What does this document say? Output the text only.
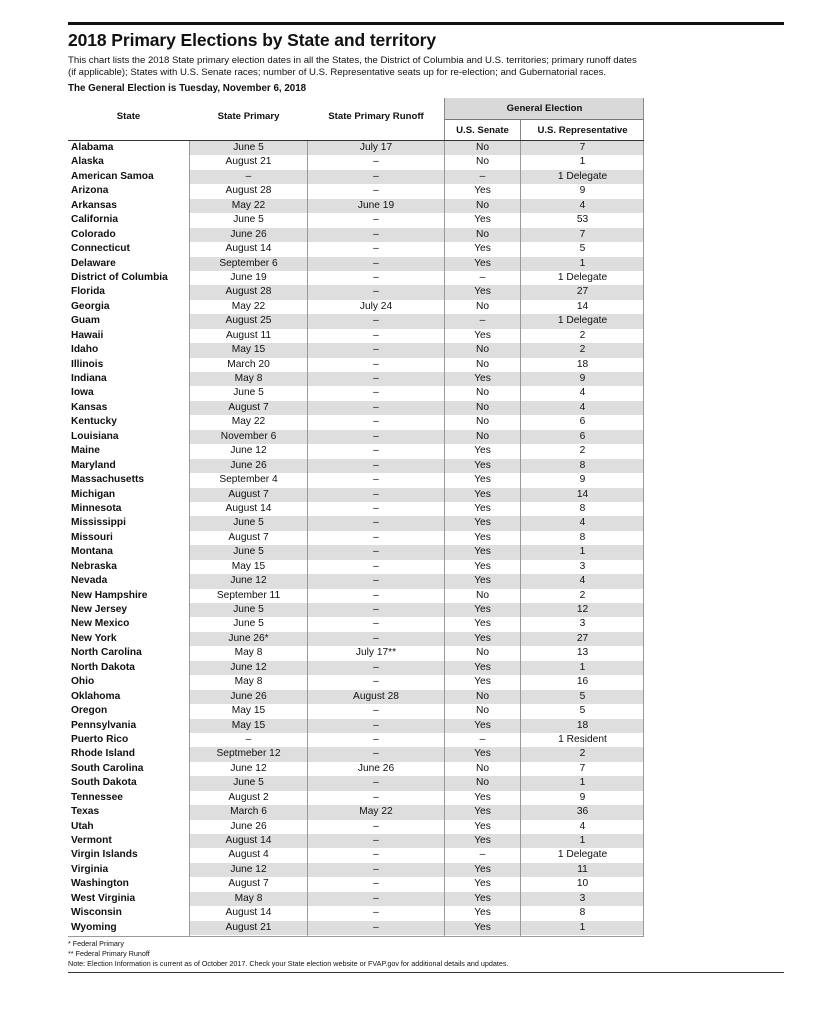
2018 Primary Elections by State and territory
This chart lists the 2018 State primary election dates in all the States, the District of Columbia and U.S. territories; primary runoff dates
(if applicable); States with U.S. Senate races; number of U.S. Representative seats up for re-election; and Gubernatorial races.
The General Election is Tuesday, November 6, 2018
State	State Primary	State Primary Runoff
General Election
U.S. Senate	U.S. Representative
Alabama	June 5	July 17	No	7
Alaska	August 21	–	No	1
American Samoa	–	–	–	1 Delegate
Arizona	August 28	–	Yes	9
Arkansas	May 22	June 19	No	4
California	June 5	–	Yes	53
Colorado	June 26	–	No	7
Connecticut	August 14	–	Yes	5
Delaware	September 6	–	Yes	1
District of Columbia	June 19	–	–	1 Delegate
Florida	August 28	–	Yes	27
Georgia	May 22	July 24	No	14
Guam	August 25	–	–	1 Delegate
Hawaii	August 11	–	Yes	2
Idaho	May 15	–	No	2
Illinois	March 20	–	No	18
Indiana	May 8	–	Yes	9
Iowa	June 5	–	No	4
Kansas	August 7	–	No	4
Kentucky	May 22	–	No	6
Louisiana	November 6	–	No	6
Maine	June 12	–	Yes	2
Maryland	June 26	–	Yes	8
Massachusetts	September 4	–	Yes	9
Michigan	August 7	–	Yes	14
Minnesota	August 14	–	Yes	8
Mississippi	June 5	–	Yes	4
Missouri	August 7	–	Yes	8
Montana	June 5	–	Yes	1
Nebraska	May 15	–	Yes	3
Nevada	June 12	–	Yes	4
New Hampshire	September 11	–	No	2
New Jersey	June 5	–	Yes	12
New Mexico	June 5	–	Yes	3
New York	June 26*	–	Yes	27
North Carolina	May 8	July 17**	No	13
North Dakota	June 12	–	Yes	1
Ohio	May 8	–	Yes	16
Oklahoma	June 26	August 28	No	5
Oregon	May 15	–	No	5
Pennsylvania	May 15	–	Yes	18
Puerto Rico	–	–	–	1 Resident
Rhode Island	Septmeber 12	–	Yes	2
South Carolina	June 12	June 26	No	7
South Dakota	June 5	–	No	1
Tennessee	August 2	–	Yes	9
Texas	March 6	May 22	Yes	36
Utah	June 26	–	Yes	4
Vermont	August 14	–	Yes	1
Virgin Islands	August 4	–	–	1 Delegate
Virginia	June 12	–	Yes	11
Washington	August 7	–	Yes	10
West Virginia	May 8	–	Yes	3
Wisconsin	August 14	–	Yes	8
Wyoming	August 21	–	Yes	1
* Federal Primary
** Federal Primary Runoff
Note: Election Information is current as of October 2017. Check your State election website or FVAP.gov for additional details and updates.
